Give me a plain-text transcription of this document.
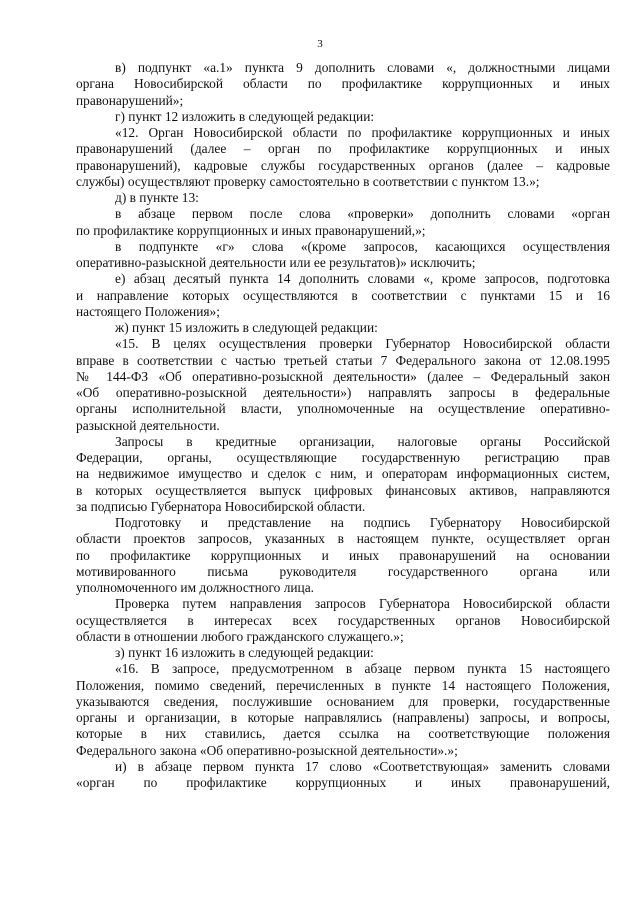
3
в) подпункт «а.1» пункта 9 дополнить словами «, должностными лицами
органа Новосибирской области по профилактике коррупционных и иных
правонарушений»;
г) пункт 12 изложить в следующей редакции:
«12. Орган Новосибирской области по профилактике коррупционных и иных
правонарушений (далее – орган по профилактике коррупционных и иных
правонарушений), кадровые службы государственных органов (далее – кадровые
службы) осуществляют проверку самостоятельно в соответствии с пунктом 13.»;
д) в пункте 13:
в абзаце первом после слова «проверки» дополнить словами «орган
по профилактике коррупционных и иных правонарушений,»;
в подпункте «г» слова «(кроме запросов, касающихся осуществления
оперативно-разыскной деятельности или ее результатов)» исключить;
е) абзац десятый пункта 14 дополнить словами «, кроме запросов, подготовка
и направление которых осуществляются в соответствии с пунктами 15 и 16
настоящего Положения»;
ж) пункт 15 изложить в следующей редакции:
«15. В целях осуществления проверки Губернатор Новосибирской области
вправе в соответствии с частью третьей статьи 7 Федерального закона от 12.08.1995
№ 144-ФЗ «Об оперативно-розыскной деятельности» (далее – Федеральный закон
«Об оперативно-розыскной деятельности») направлять запросы в федеральные
органы исполнительной власти, уполномоченные на осуществление оперативно-
разыскной деятельности.
Запросы в кредитные организации, налоговые органы Российской
Федерации, органы, осуществляющие государственную регистрацию прав
на недвижимое имущество и сделок с ним, и операторам информационных систем,
в которых осуществляется выпуск цифровых финансовых активов, направляются
за подписью Губернатора Новосибирской области.
Подготовку и представление на подпись Губернатору Новосибирской
области проектов запросов, указанных в настоящем пункте, осуществляет орган
по профилактике коррупционных и иных правонарушений на основании
мотивированного письма руководителя государственного органа или
уполномоченного им должностного лица.
Проверка путем направления запросов Губернатора Новосибирской области
осуществляется в интересах всех государственных органов Новосибирской
области в отношении любого гражданского служащего.»;
з) пункт 16 изложить в следующей редакции:
«16. В запросе, предусмотренном в абзаце первом пункта 15 настоящего
Положения, помимо сведений, перечисленных в пункте 14 настоящего Положения,
указываются сведения, послужившие основанием для проверки, государственные
органы и организации, в которые направлялись (направлены) запросы, и вопросы,
которые в них ставились, дается ссылка на соответствующие положения
Федерального закона «Об оперативно-розыскной деятельности».»;
и) в абзаце первом пункта 17 слово «Соответствующая» заменить словами
«орган по профилактике коррупционных и иных правонарушений,
